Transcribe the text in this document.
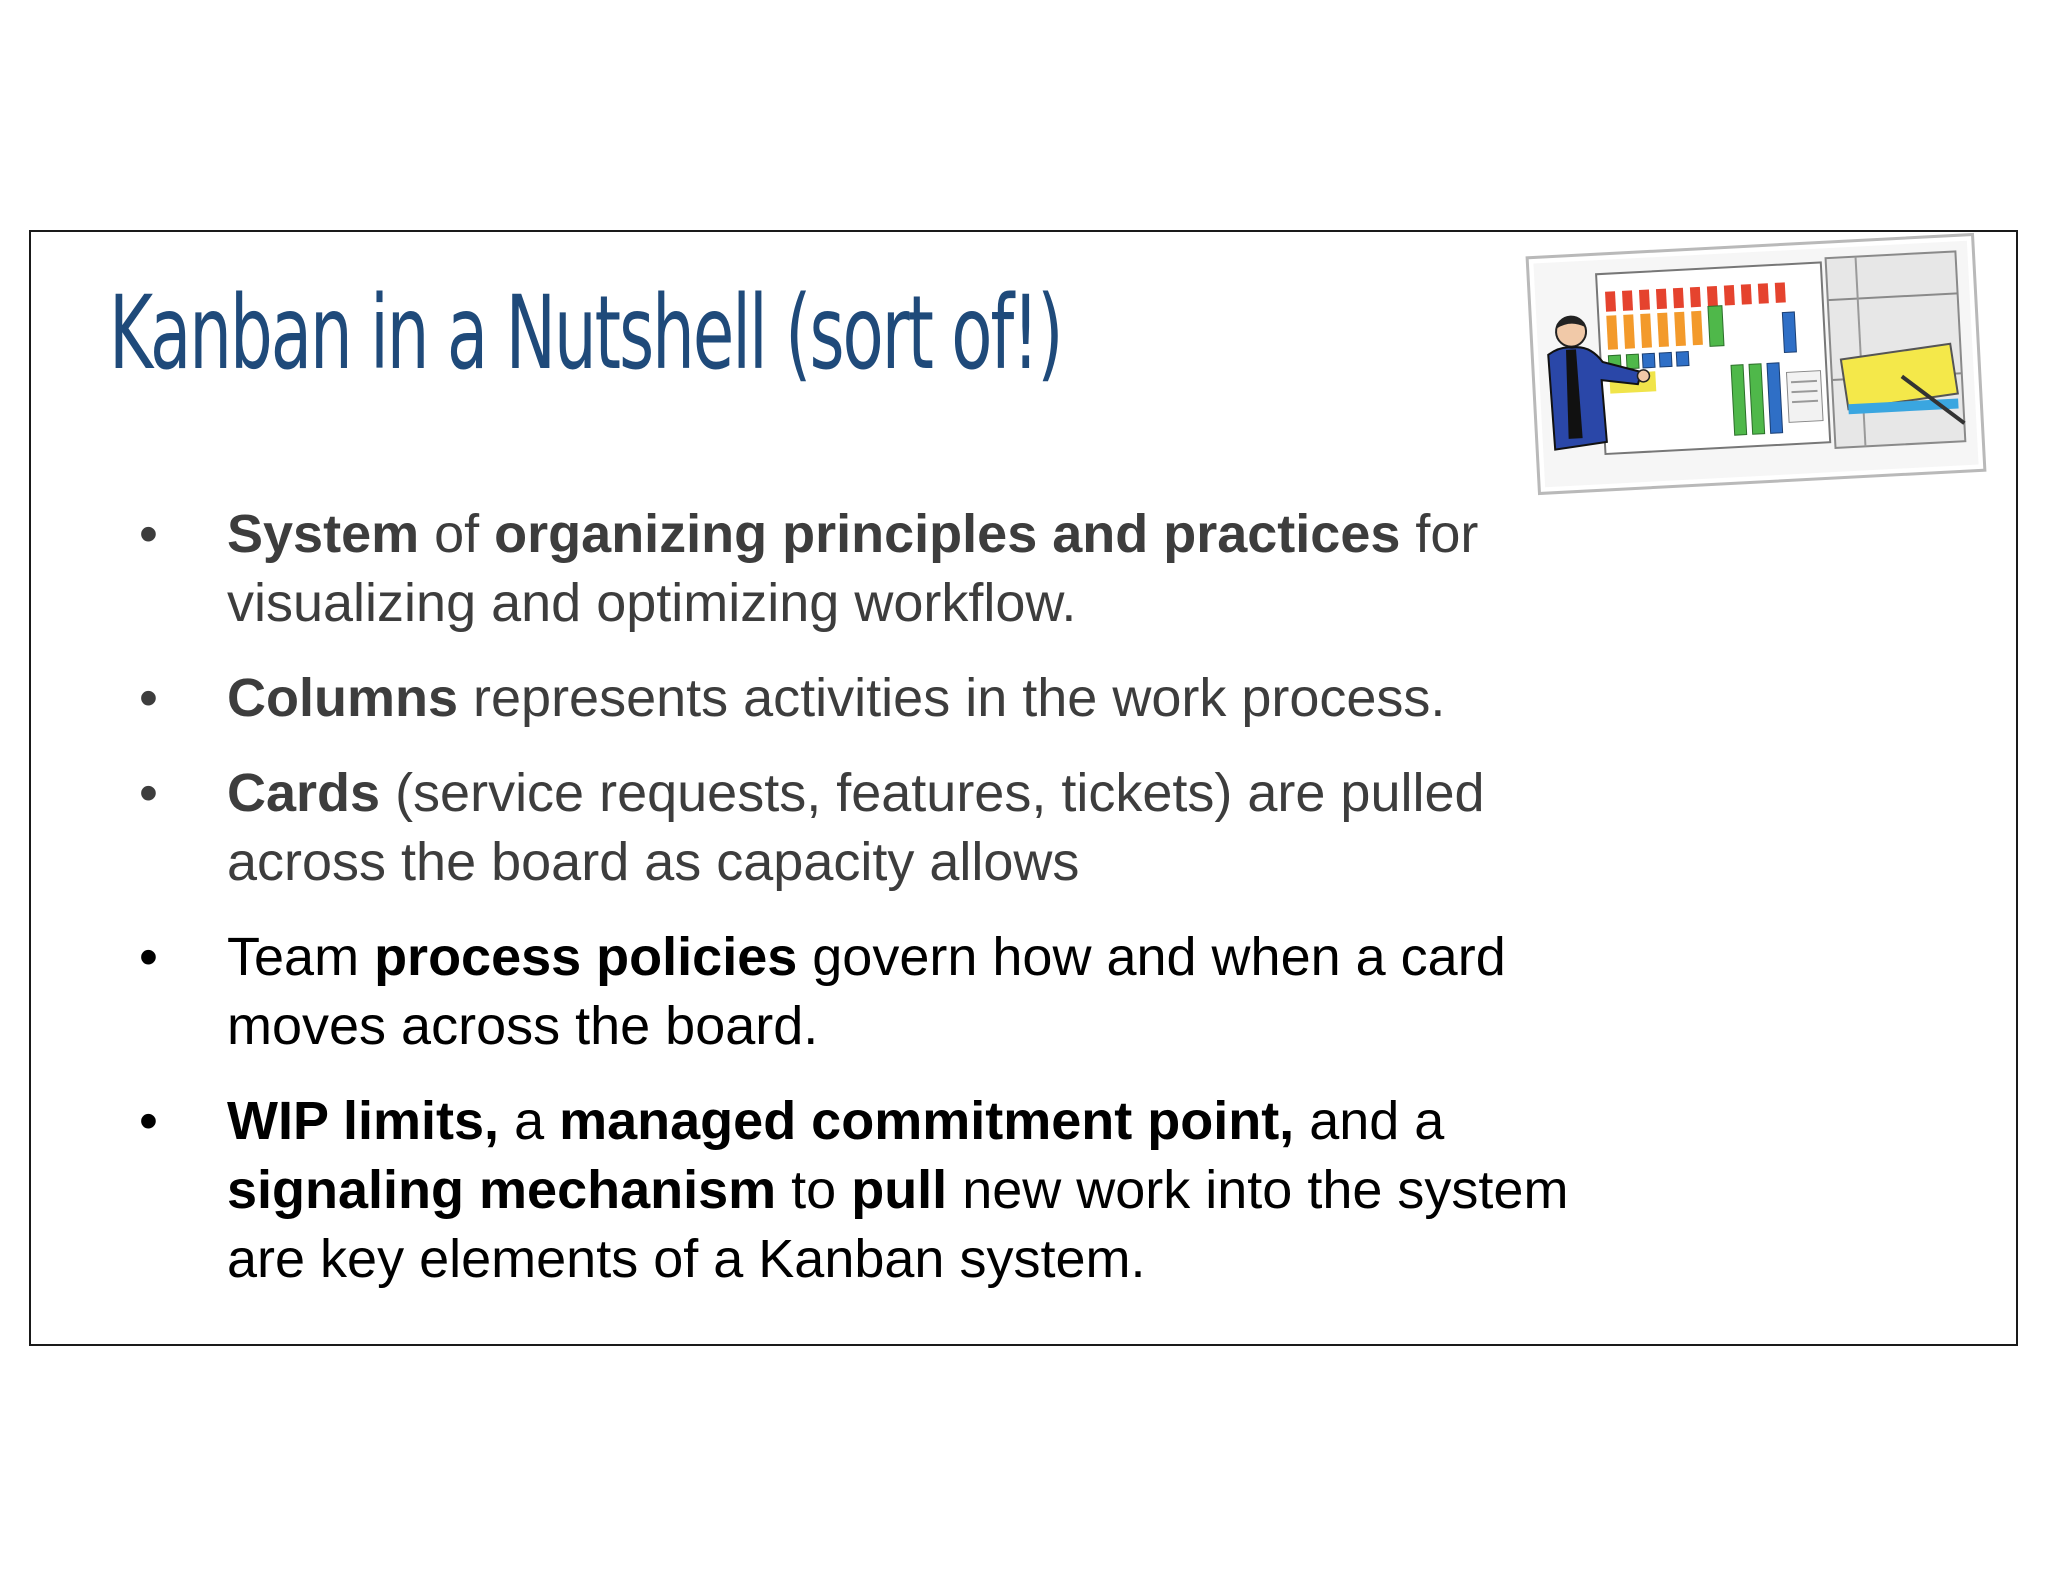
Kanban in a Nutshell (sort of!)
•	System of organizing principles and practices for visualizing and optimizing workflow.
•	Columns represents activities in the work process.
•	Cards (service requests, features, tickets) are pulled across the board as capacity allows
•	Team process policies govern how and when a card moves across the board.
•	WIP limits, a managed commitment point, and a signaling mechanism to pull new work into the system are key elements of a Kanban system.
